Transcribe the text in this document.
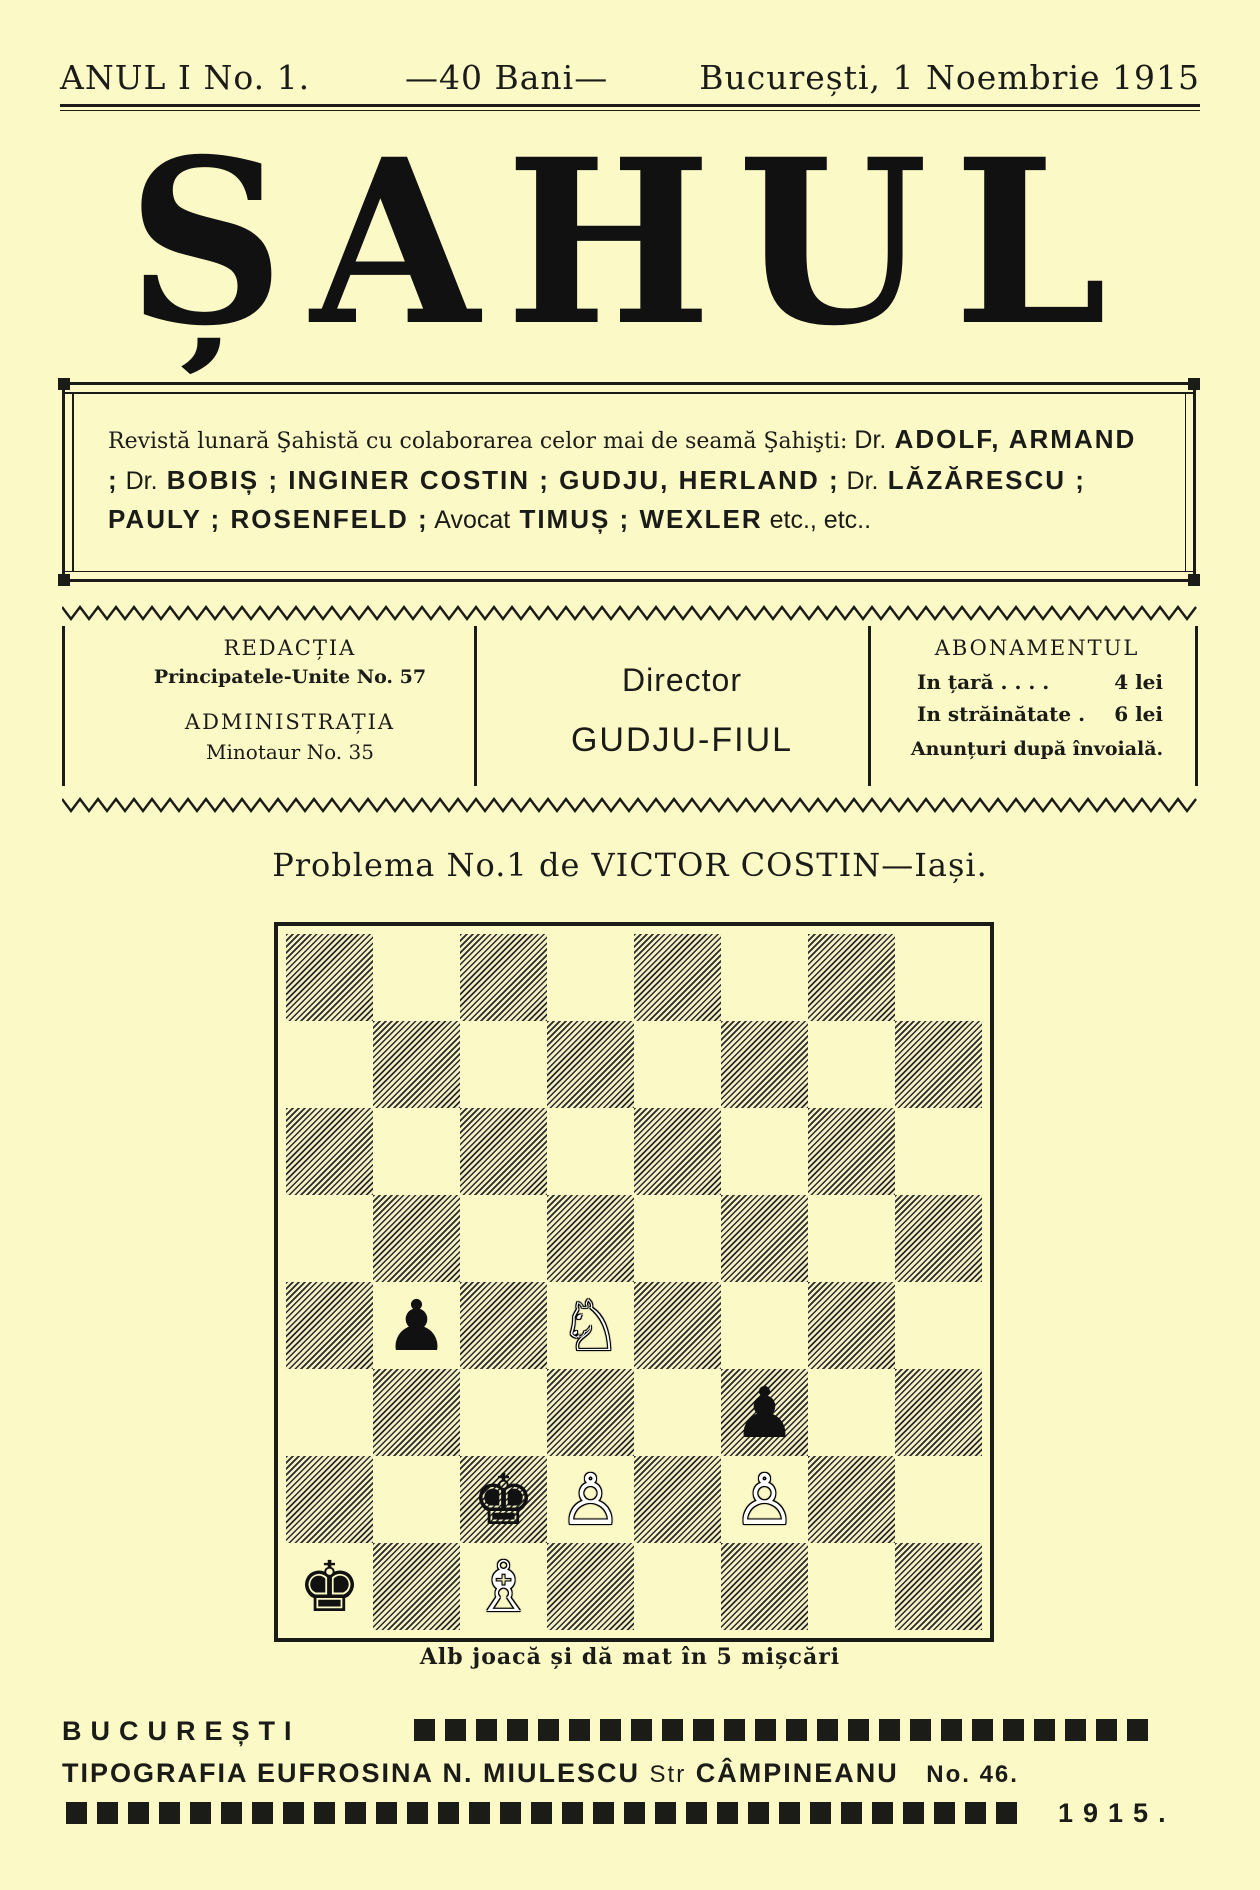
ANUL I No. 1.	—40 Bani—	București, 1 Noembrie 1915
ȘAHUL
Revistă lunară Şahistă cu colaborarea celor mai de seamă Şahişti: Dr. ADOLF, ARMAND ; Dr. BOBIȘ ; INGINER COSTIN ; GUDJU, HERLAND ; Dr. LĂZĂRESCU ; PAULY ; ROSENFELD ; Avocat TIMUȘ ; WEXLER etc., etc..
REDACȚIA
Principatele-Unite No. 57
ADMINISTRAȚIA
Minotaur No. 35
Director
GUDJU-FIUL
ABONAMENTUL
In țară . . . .	4 lei
In străinătate . 6 lei
Anunțuri după învoială.
Problema No.1 de VICTOR COSTIN—Iași.
♟ ♘
♟
♚ ♙ ♙
♚ ♗
Alb joacă și dă mat în 5 mișcări
BUCUREȘTI
TIPOGRAFIA EUFROSINA N. MIULESCU Str CÂMPINEANU No. 46.
1915.
